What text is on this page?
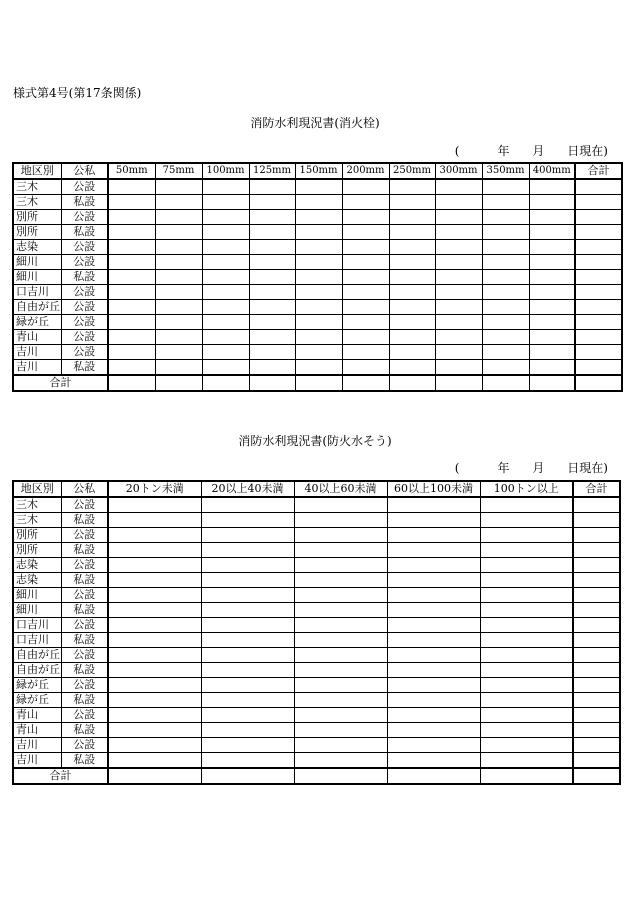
様式第4号(第17条関係)
消防水利現況書(消火栓)
(          年      月      日現在)
地区別	公私	50mm	75mm	100mm	125mm	150mm	200mm	250mm	300mm	350mm	400mm	合計
三木	公設											
三木	私設											
別所	公設											
別所	私設											
志染	公設											
細川	公設											
細川	私設											
口吉川	公設											
自由が丘	公設											
緑が丘	公設											
青山	公設											
吉川	公設											
吉川	私設											
合計												
消防水利現況書(防火水そう)
(          年      月      日現在)
地区別	公私	20トン未満	20以上40未満	40以上60未満	60以上100未満	100トン以上	合計
三木	公設						
三木	私設						
別所	公設						
別所	私設						
志染	公設						
志染	私設						
細川	公設						
細川	私設						
口吉川	公設						
口吉川	私設						
自由が丘	公設						
自由が丘	私設						
緑が丘	公設						
緑が丘	私設						
青山	公設						
青山	私設						
吉川	公設						
吉川	私設						
合計							
